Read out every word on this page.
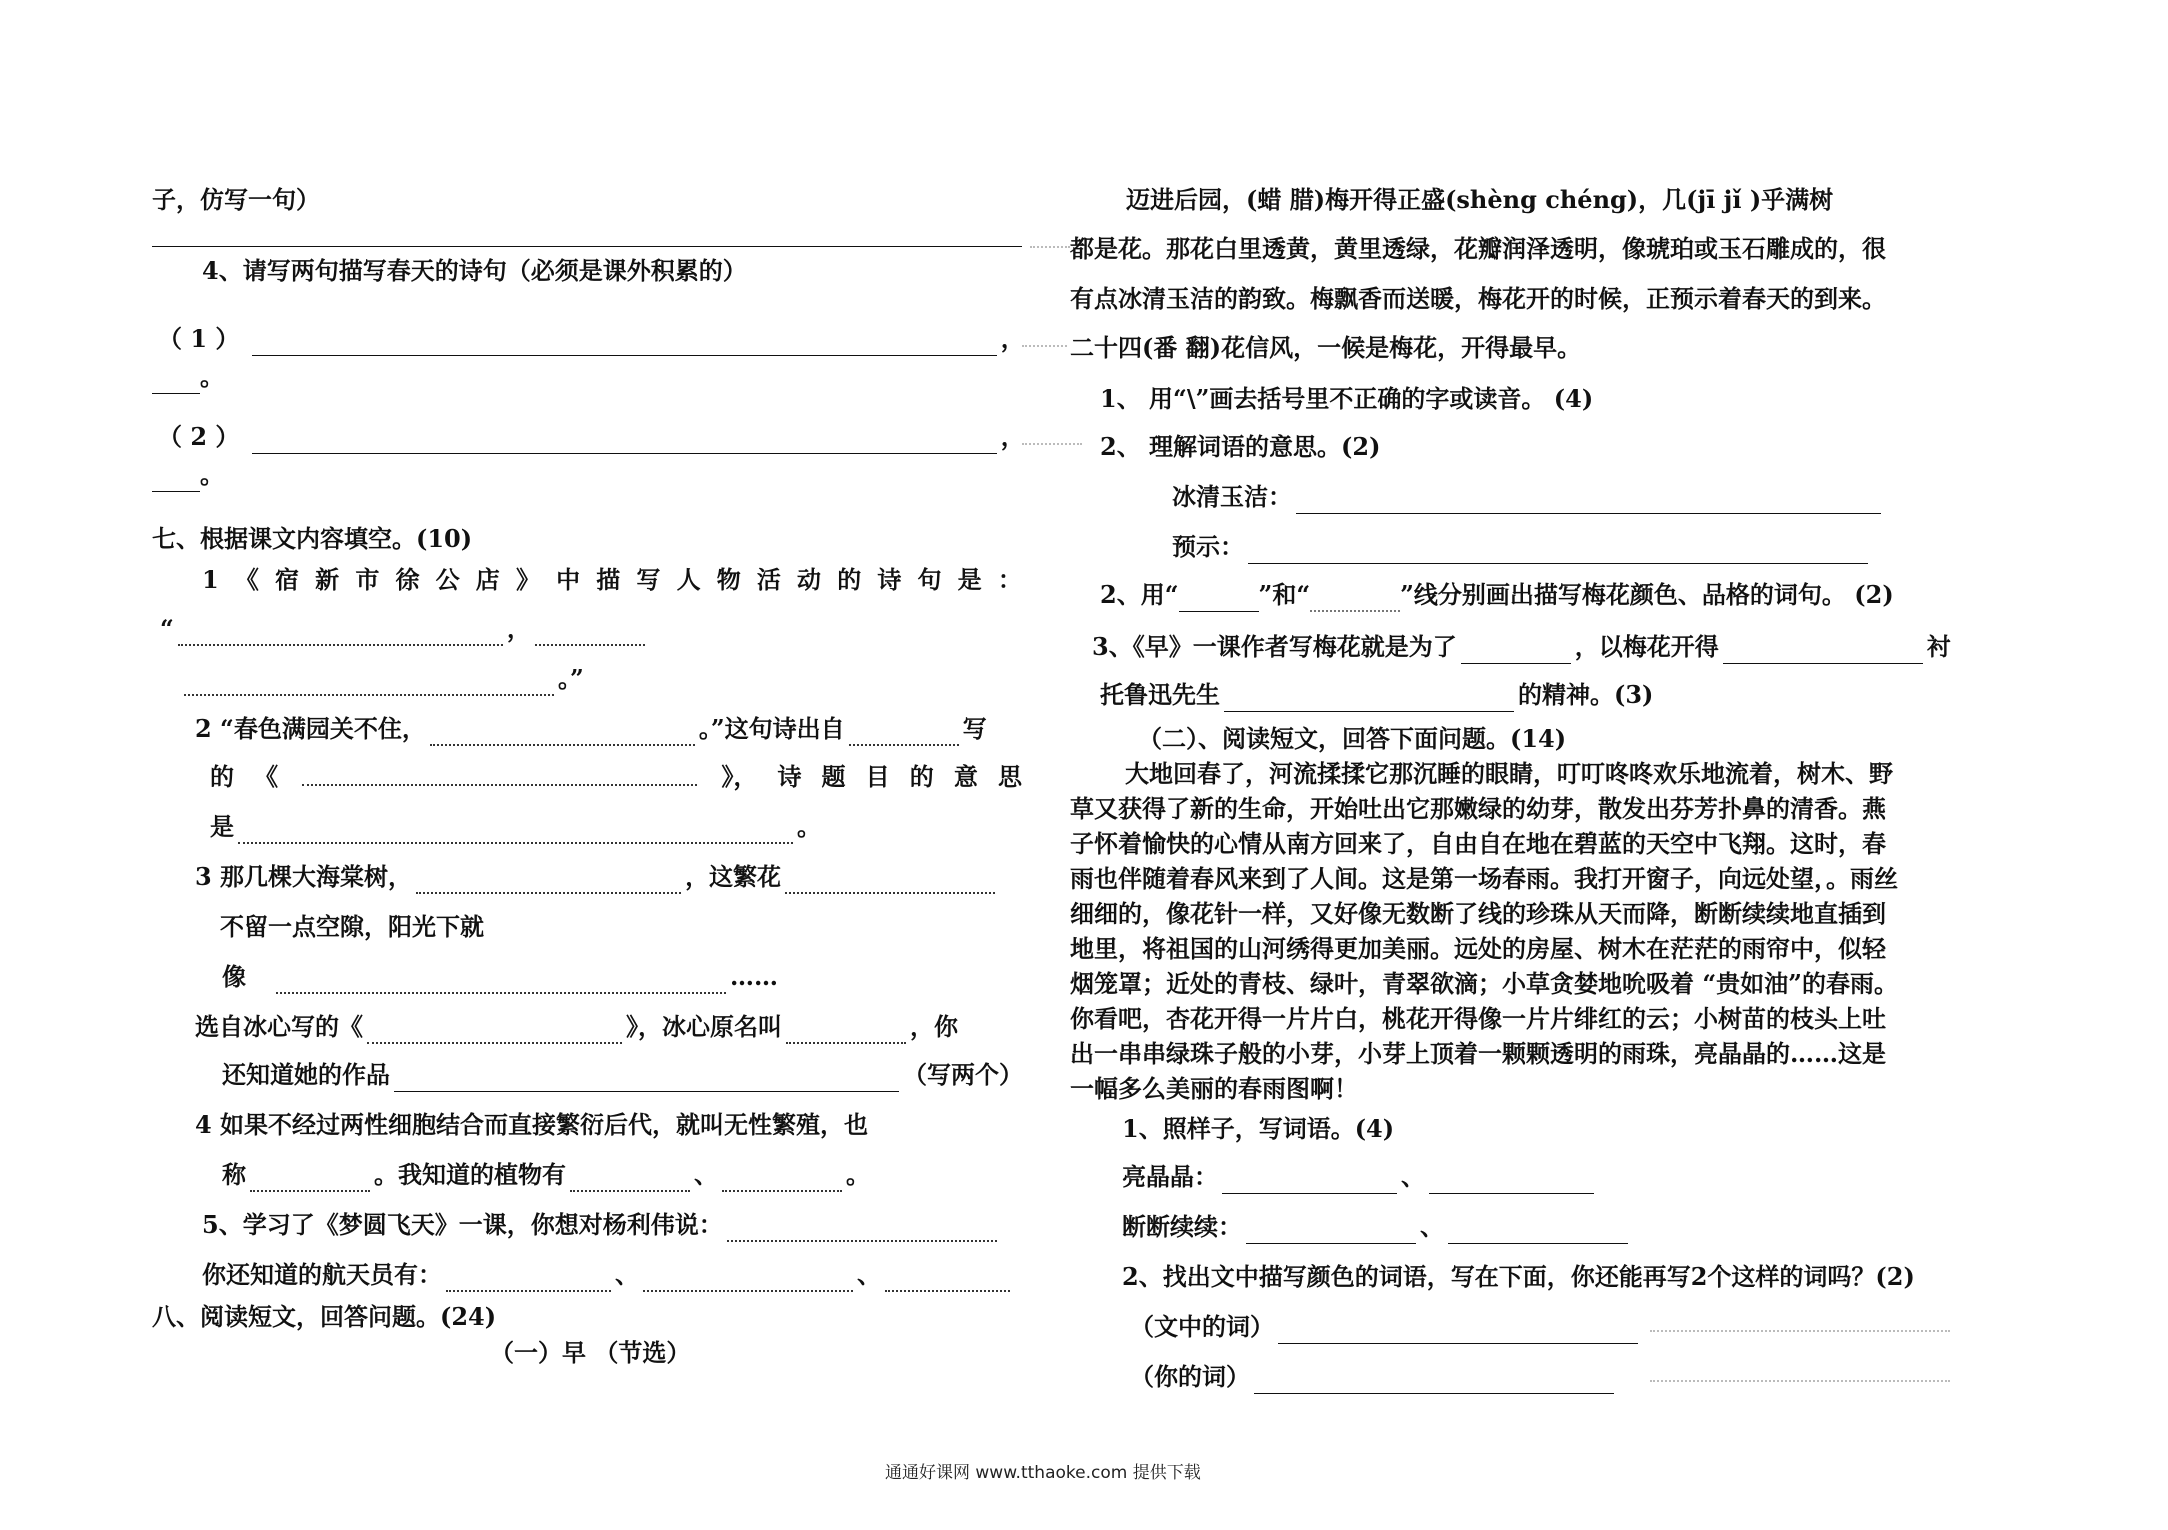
子，仿写一句）
4、请写两句描写春天的诗句（必须是课外积累的）
（ 1 ）	，
。
（ 2 ）	，
。
七、根据课文内容填空。(10)
1 《 宿 新 市 徐 公 店 》 中 描 写 人 物 活 动 的 诗 句 是 ：
“	，
。”
2 “春色满园关不住，	。”这句诗出自	写
的 《	》， 诗 题 目 的 意 思
是	。
3 那几棵大海棠树，	，这繁花
不留一点空隙，阳光下就
像	……
选自冰心写的《	》，冰心原名叫	，你
还知道她的作品	（写两个）
4 如果不经过两性细胞结合而直接繁衍后代，就叫无性繁殖，也
称	。我知道的植物有	、	。
5、学习了《梦圆飞天》一课，你想对杨利伟说：
你还知道的航天员有：	、	、
八、阅读短文，回答问题。(24)
（一）早 （节选）
迈进后园，(蜡 腊)梅开得正盛(shèng chéng)，几(jī jǐ )乎满树
都是花。那花白里透黄，黄里透绿，花瓣润泽透明，像琥珀或玉石雕成的，很
有点冰清玉洁的韵致。梅飘香而送暖，梅花开的时候，正预示着春天的到来。
二十四(番 翻)花信风，一候是梅花，开得最早。
1、 用“\”画去括号里不正确的字或读音。 (4)
2、 理解词语的意思。(2)
冰清玉洁：
预示：
2、用“	”和“	”线分别画出描写梅花颜色、品格的词句。 (2)
3、《早》一课作者写梅花就是为了	，以梅花开得	衬
托鲁迅先生	的精神。(3)
（二）、阅读短文，回答下面问题。(14)
大地回春了，河流揉揉它那沉睡的眼睛，叮叮咚咚欢乐地流着，树木、野
草又获得了新的生命，开始吐出它那嫩绿的幼芽，散发出芬芳扑鼻的清香。燕
子怀着愉快的心情从南方回来了，自由自在地在碧蓝的天空中飞翔。这时，春
雨也伴随着春风来到了人间。这是第一场春雨。我打开窗子，向远处望，。雨丝
细细的，像花针一样，又好像无数断了线的珍珠从天而降，断断续续地直插到
地里，将祖国的山河绣得更加美丽。远处的房屋、树木在茫茫的雨帘中，似轻
烟笼罩；近处的青枝、绿叶，青翠欲滴；小草贪婪地吮吸着 “贵如油”的春雨。
你看吧，杏花开得一片片白，桃花开得像一片片绯红的云；小树苗的枝头上吐
出一串串绿珠子般的小芽，小芽上顶着一颗颗透明的雨珠，亮晶晶的……这是
一幅多么美丽的春雨图啊！
1、照样子，写词语。(4)
亮晶晶：	、
断断续续：	、
2、找出文中描写颜色的词语，写在下面，你还能再写2个这样的词吗？(2)
（文中的词）
（你的词）
通通好课网 www.tthaoke.com 提供下载
